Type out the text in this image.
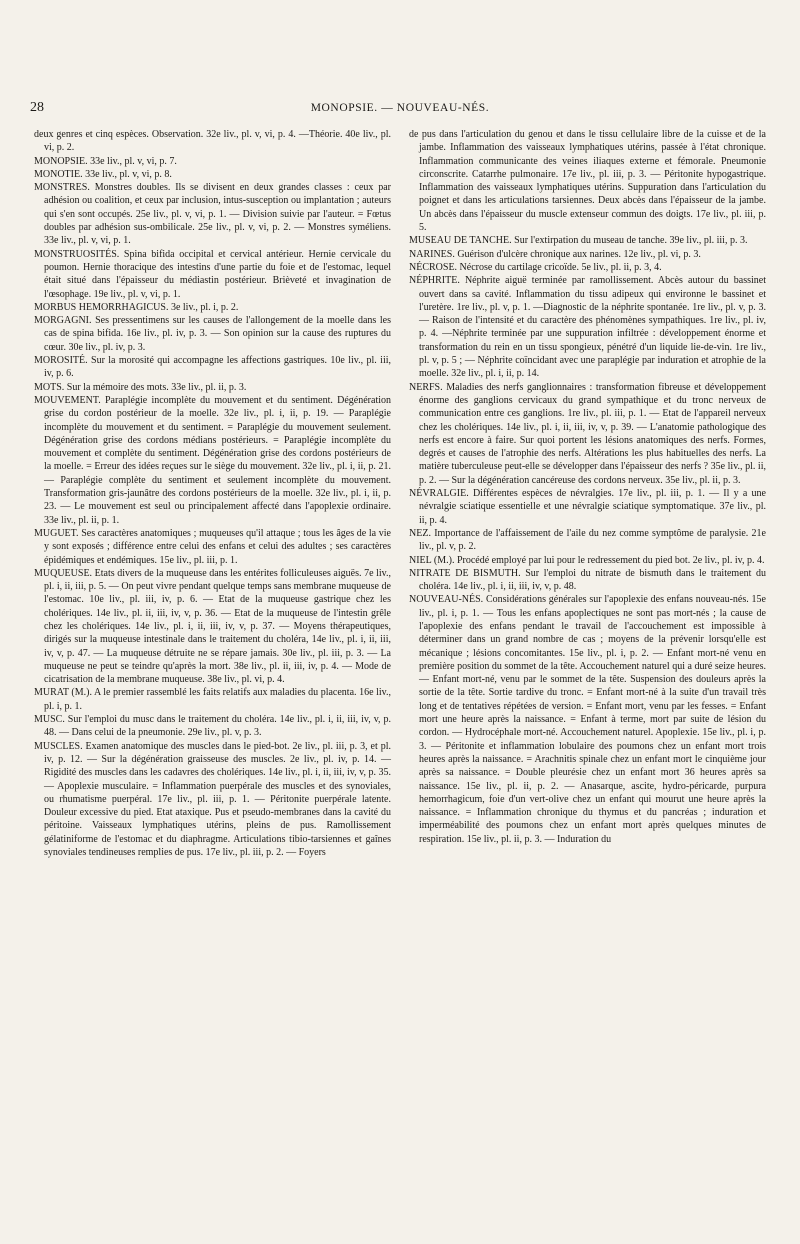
28	MONOPSIE. — NOUVEAU-NÉS.

deux genres et cinq espèces. Observation. 32e liv., pl. v, vi, p. 4. —Théorie. 40e liv., pl. vi, p. 2.

MONOPSIE. 33e liv., pl. v, vi, p. 7.

MONOTIE. 33e liv., pl. v, vi, p. 8.

MONSTRES. Monstres doubles. Ils se divisent en deux grandes classes : ceux par adhésion ou coalition, et ceux par inclusion, intus-susception ou implantation ; auteurs qui s'en sont occupés. 25e liv., pl. v, vi, p. 1. — Division suivie par l'auteur. = Fœtus doubles par adhésion sus-ombilicale. 25e liv., pl. v, vi, p. 2. — Monstres syméliens. 33e liv., pl. v, vi, p. 1.

MONSTRUOSITÉS. Spina bifida occipital et cervical antérieur. Hernie cervicale du poumon. Hernie thoracique des intestins d'une partie du foie et de l'estomac, lequel était situé dans l'épaisseur du médiastin postérieur. Brièveté et invagination de l'œsophage. 19e liv., pl. v, vi, p. 1.

MORBUS HEMORRHAGICUS. 3e liv., pl. i, p. 2.

MORGAGNI. Ses pressentimens sur les causes de l'allongement de la moelle dans les cas de spina bifida. 16e liv., pl. iv, p. 3. — Son opinion sur la cause des ruptures du cœur. 30e liv., pl. iv, p. 3.

MOROSITÉ. Sur la morosité qui accompagne les affections gastriques. 10e liv., pl. iii, iv, p. 6.

MOTS. Sur la mémoire des mots. 33e liv., pl. ii, p. 3.

MOUVEMENT. Paraplégie incomplète du mouvement et du sentiment. Dégénération grise du cordon postérieur de la moelle. 32e liv., pl. i, ii, p. 19. — Paraplégie incomplète du mouvement et du sentiment. = Paraplégie du mouvement seulement. Dégénération grise des cordons médians postérieurs. = Paraplégie incomplète du mouvement et complète du sentiment. Dégénération grise des cordons postérieurs de la moelle. = Erreur des idées reçues sur le siège du mouvement. 32e liv., pl. i, ii, p. 21. — Paraplégie complète du sentiment et seulement incomplète du mouvement. Transformation gris-jaunâtre des cordons postérieurs de la moelle. 32e liv., pl. i, ii, p. 23. — Le mouvement est seul ou principalement affecté dans l'apoplexie ordinaire. 33e liv., pl. ii, p. 1.

MUGUET. Ses caractères anatomiques ; muqueuses qu'il attaque ; tous les âges de la vie y sont exposés ; différence entre celui des enfans et celui des adultes ; ses caractères épidémiques et endémiques. 15e liv., pl. iii, p. 1.

MUQUEUSE. Etats divers de la muqueuse dans les entérites folliculeuses aiguës. 7e liv., pl. i, ii, iii, p. 5. — On peut vivre pendant quelque temps sans membrane muqueuse de l'estomac. 10e liv., pl. iii, iv, p. 6. — Etat de la muqueuse gastrique chez les cholériques. 14e liv., pl. ii, iii, iv, v, p. 36. — Etat de la muqueuse de l'intestin grêle chez les cholériques. 14e liv., pl. i, ii, iii, iv, v, p. 37. — Moyens thérapeutiques, dirigés sur la muqueuse intestinale dans le traitement du choléra, 14e liv., pl. i, ii, iii, iv, v, p. 47. — La muqueuse détruite ne se répare jamais. 30e liv., pl. iii, p. 3. — La muqueuse ne peut se teindre qu'après la mort. 38e liv., pl. ii, iii, iv, p. 4. — Mode de cicatrisation de la membrane muqueuse. 38e liv., pl. vi, p. 4.

MURAT (M.). A le premier rassemblé les faits relatifs aux maladies du placenta. 16e liv., pl. i, p. 1.

MUSC. Sur l'emploi du musc dans le traitement du choléra. 14e liv., pl. i, ii, iii, iv, v, p. 48. — Dans celui de la pneumonie. 29e liv., pl. v, p. 3.

MUSCLES. Examen anatomique des muscles dans le pied-bot. 2e liv., pl. iii, p. 3, et pl. iv, p. 12. — Sur la dégénération graisseuse des muscles. 2e liv., pl. iv, p. 14. —Rigidité des muscles dans les cadavres des cholériques. 14e liv., pl. i, ii, iii, iv, v, p. 35. — Apoplexie musculaire. = Inflammation puerpérale des muscles et des synoviales, ou rhumatisme puerpéral. 17e liv., pl. iii, p. 1. — Péritonite puerpérale latente. Douleur excessive du pied. Etat ataxique. Pus et pseudo-membranes dans la cavité du péritoine. Vaisseaux lymphatiques utérins, pleins de pus. Ramollissement gélatiniforme de l'estomac et du diaphragme. Articulations tibio-tarsiennes et gaînes synoviales tendineuses remplies de pus. 17e liv., pl. iii, p. 2. — Foyers

de pus dans l'articulation du genou et dans le tissu cellulaire libre de la cuisse et de la jambe. Inflammation des vaisseaux lymphatiques utérins, passée à l'état chronique. Inflammation communicante des veines iliaques externe et fémorale. Pneumonie circonscrite. Catarrhe pulmonaire. 17e liv., pl. iii, p. 3. — Péritonite hypogastrique. Inflammation des vaisseaux lymphatiques utérins. Suppuration dans l'articulation du poignet et dans les articulations tarsiennes. Deux abcès dans l'épaisseur de la jambe. Un abcès dans l'épaisseur du muscle extenseur commun des doigts. 17e liv., pl. iii, p. 5.

MUSEAU DE TANCHE. Sur l'extirpation du museau de tanche. 39e liv., pl. iii, p. 3.

NARINES. Guérison d'ulcère chronique aux narines. 12e liv., pl. vi, p. 3.

NÉCROSE. Nécrose du cartilage cricoïde. 5e liv., pl. ii, p. 3, 4.

NÉPHRITE. Néphrite aiguë terminée par ramollissement. Abcès autour du bassinet ouvert dans sa cavité. Inflammation du tissu adipeux qui environne le bassinet et l'uretère. 1re liv., pl. v, p. 1. —Diagnostic de la néphrite spontanée. 1re liv., pl. v, p. 3. — Raison de l'intensité et du caractère des phénomènes sympathiques. 1re liv., pl. iv, p. 4. —Néphrite terminée par une suppuration infiltrée : développement énorme et transformation du rein en un tissu spongieux, pénétré d'un liquide lie-de-vin. 1re liv., pl. v, p. 5 ; — Néphrite coïncidant avec une paraplégie par induration et atrophie de la moelle. 32e liv., pl. i, ii, p. 14.

NERFS. Maladies des nerfs ganglionnaires : transformation fibreuse et développement énorme des ganglions cervicaux du grand sympathique et du tronc nerveux de communication entre ces ganglions. 1re liv., pl. iii, p. 1. — Etat de l'appareil nerveux chez les cholériques. 14e liv., pl. i, ii, iii, iv, v, p. 39. — L'anatomie pathologique des nerfs est encore à faire. Sur quoi portent les lésions anatomiques des nerfs. Formes, degrés et causes de l'atrophie des nerfs. Altérations les plus habituelles des nerfs. La matière tuberculeuse peut-elle se développer dans l'épaisseur des nerfs ? 35e liv., pl. ii, p. 2. — Sur la dégénération cancéreuse des cordons nerveux. 35e liv., pl. ii, p. 3.

NÉVRALGIE. Différentes espèces de névralgies. 17e liv., pl. iii, p. 1. — Il y a une névralgie sciatique essentielle et une névralgie sciatique symptomatique. 37e liv., pl. ii, p. 4.

NEZ. Importance de l'affaissement de l'aile du nez comme symptôme de paralysie. 21e liv., pl. v, p. 2.

NIEL (M.). Procédé employé par lui pour le redressement du pied bot. 2e liv., pl. iv, p. 4.

NITRATE DE BISMUTH. Sur l'emploi du nitrate de bismuth dans le traitement du choléra. 14e liv., pl. i, ii, iii, iv, v, p. 48.

NOUVEAU-NÉS. Considérations générales sur l'apoplexie des enfans nouveau-nés. 15e liv., pl. i, p. 1. — Tous les enfans apoplectiques ne sont pas mort-nés ; la cause de l'apoplexie des enfans pendant le travail de l'accouchement est impossible à déterminer dans un grand nombre de cas ; moyens de la prévenir lorsqu'elle est mécanique ; lésions concomitantes. 15e liv., pl. i, p. 2. — Enfant mort-né venu en première position du sommet de la tête. Accouchement naturel qui a duré seize heures. — Enfant mort-né, venu par le sommet de la tête. Suspension des douleurs après la sortie de la tête. Sortie tardive du tronc. = Enfant mort-né à la suite d'un travail très long et de tentatives répétées de version. = Enfant mort, venu par les fesses. = Enfant mort une heure après la naissance. = Enfant à terme, mort par suite de lésion du cordon. — Hydrocéphale mort-né. Accouchement naturel. Apoplexie. 15e liv., pl. i, p. 3. — Péritonite et inflammation lobulaire des poumons chez un enfant mort trois heures après la naissance. = Arachnitis spinale chez un enfant mort le cinquième jour après sa naissance. = Double pleurésie chez un enfant mort 36 heures après sa naissance. 15e liv., pl. ii, p. 2. — Anasarque, ascite, hydro-péricarde, purpura hemorrhagicum, foie d'un vert-olive chez un enfant qui mourut une heure après la naissance. = Inflammation chronique du thymus et du pancréas ; induration et imperméabilité des poumons chez un enfant mort après quelques minutes de respiration. 15e liv., pl. ii, p. 3. — Induration du
